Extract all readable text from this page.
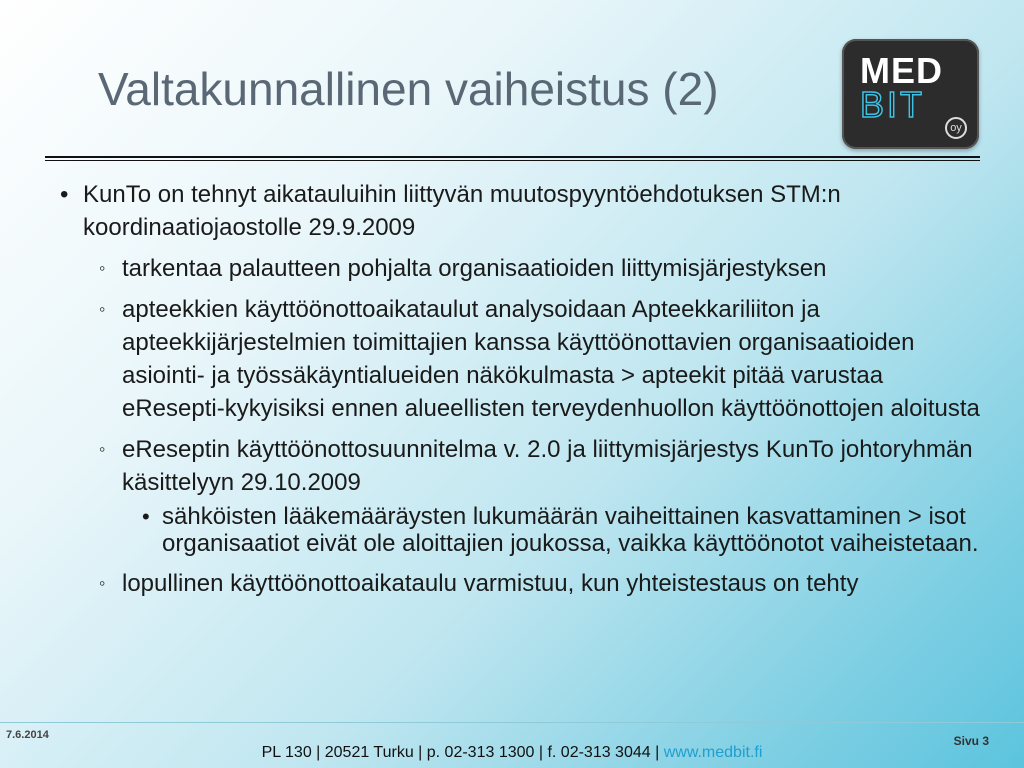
Valtakunnallinen vaiheistus (2)	MED
BIT
oy
• KunTo on tehnyt aikatauluihin liittyvän muutospyyntöehdotuksen STM:n koordinaatiojaostolle 29.9.2009
◦ tarkentaa palautteen pohjalta organisaatioiden liittymisjärjestyksen
◦ apteekkien käyttöönottoaikataulut analysoidaan Apteekkariliiton ja apteekkijärjestelmien toimittajien kanssa käyttöönottavien organisaatioiden asiointi- ja työssäkäyntialueiden näkökulmasta > apteekit pitää varustaa eResepti-kykyisiksi ennen alueellisten terveydenhuollon käyttöönottojen aloitusta
◦ eReseptin käyttöönottosuunnitelma v. 2.0 ja liittymisjärjestys KunTo johtoryhmän käsittelyyn 29.10.2009
• sähköisten lääkemääräysten lukumäärän vaiheittainen kasvattaminen > isot organisaatiot eivät ole aloittajien joukossa, vaikka käyttöönotot vaiheistetaan.
◦ lopullinen käyttöönottoaikataulu varmistuu, kun yhteistestaus on tehty
7.6.2014	Sivu 3
PL 130 | 20521 Turku | p. 02-313 1300 | f. 02-313 3044 | www.medbit.fi
